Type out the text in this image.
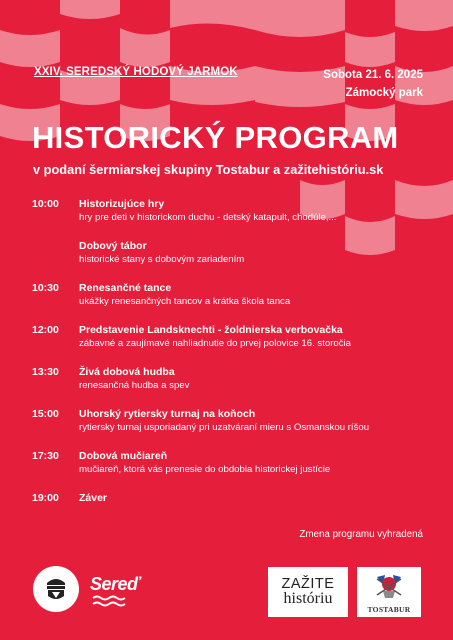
XXIV. SEREDSKÝ HODOVÝ JARMOK	Sobota 21. 6. 2025
Zámocký park
HISTORICKÝ PROGRAM
v podaní šermiarskej skupiny Tostabur a zažitehistóriu.sk
10:00	Historizujúce hry
hry pre deti v historickom duchu - detský katapult, chodúle,...
Dobový tábor
historické stany s dobovým zariadením
10:30	Renesančné tance
ukážky renesančných tancov a krátka škola tanca
12:00	Predstavenie Landsknechti - žoldnierska verbovačka
zábavné a zaujímavé nahliadnutie do prvej polovice 16. storočia
13:30	Živá dobová hudba
renesančná hudba a spev
15:00	Uhorský rytiersky turnaj na koňoch
rytiersky turnaj usporiadaný pri uzatváraní mieru s Osmanskou ríšou
17:30	Dobová mučiareň
mučiareň, ktorá vás prenesie do obdobia historickej justície
19:00	Záver
Zmena programu vyhradená
Sereď	ZAŽITE
históriu
TOSTABUR
